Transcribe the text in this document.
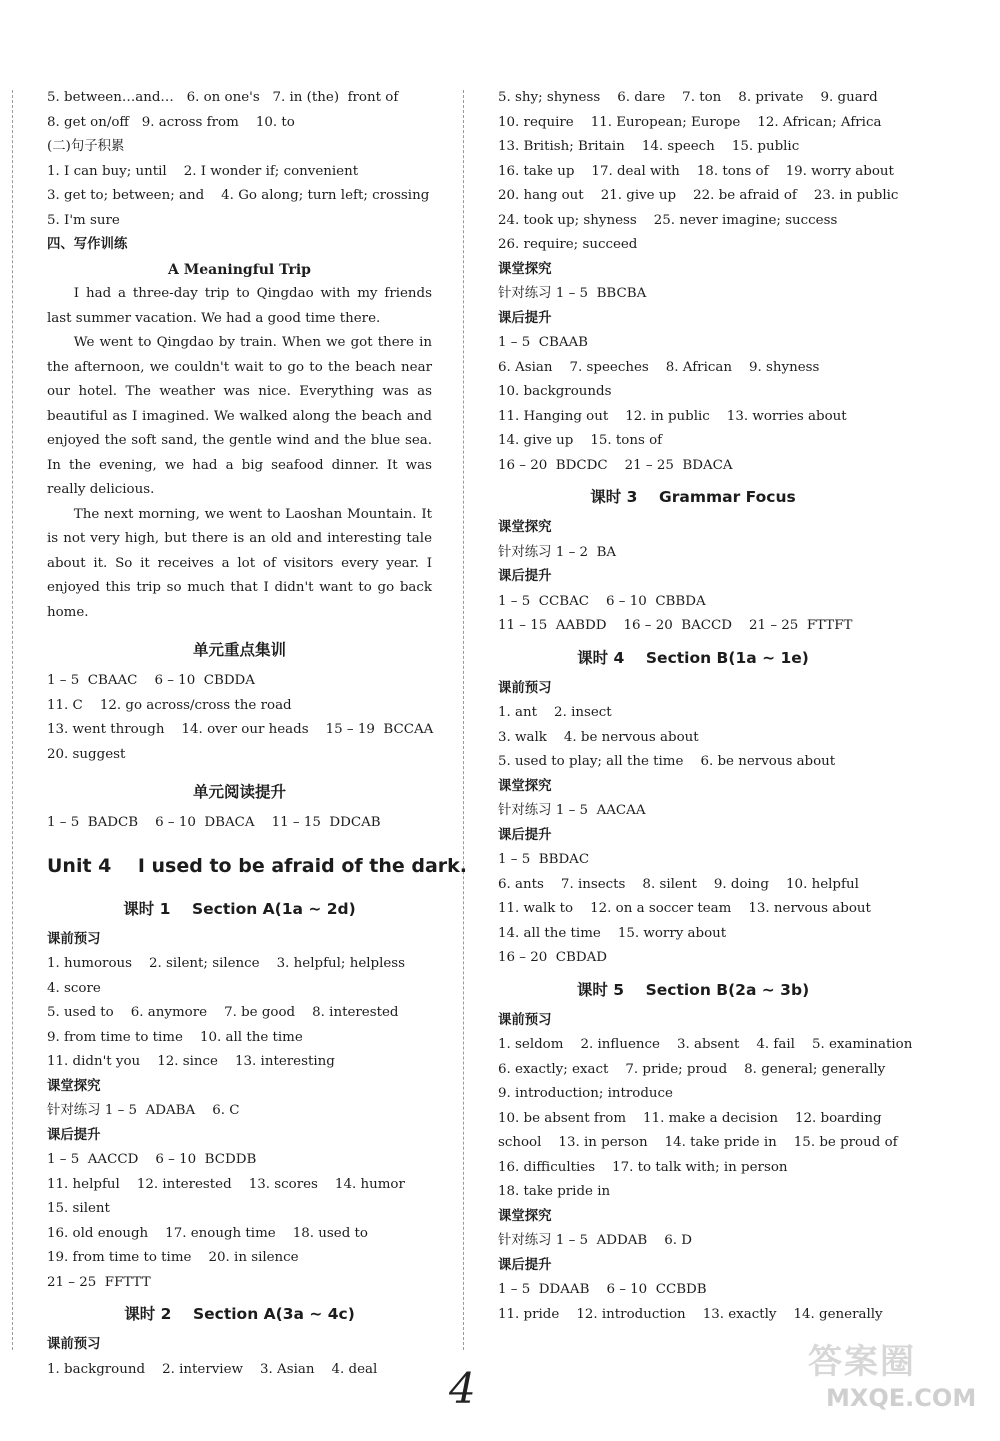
5. between…and…   6. on one's   7. in (the)  front of
8. get on/off   9. across from    10. to
(二)句子积累
1. I can buy; until    2. I wonder if; convenient
3. get to; between; and    4. Go along; turn left; crossing
5. I'm sure
四、写作训练
A Meaningful Trip

I had a three-day trip to Qingdao with my friends last summer vacation. We had a good time there.

We went to Qingdao by train. When we got there in the afternoon, we couldn't wait to go to the beach near our hotel. The weather was nice. Everything was as beautiful as I imagined. We walked along the beach and enjoyed the soft sand, the gentle wind and the blue sea. In the evening, we had a big seafood dinner. It was really delicious.

The next morning, we went to Laoshan Mountain. It is not very high, but there is an old and interesting tale about it. So it receives a lot of visitors every year. I enjoyed this trip so much that I didn't want to go back home.

单元重点集训
1 – 5  CBAAC    6 – 10  CBDDA
11. C    12. go across/cross the road
13. went through    14. over our heads    15 – 19  BCCAA
20. suggest
单元阅读提升
1 – 5  BADCB    6 – 10  DBACA    11 – 15  DDCAB
Unit 4    I used to be afraid of the dark.
课时 1    Section A(1a ~ 2d)
课前预习
1. humorous    2. silent; silence    3. helpful; helpless
4. score
5. used to    6. anymore    7. be good    8. interested
9. from time to time    10. all the time
11. didn't you    12. since    13. interesting
课堂探究
针对练习 1 – 5  ADABA    6. C
课后提升
1 – 5  AACCD    6 – 10  BCDDB
11. helpful    12. interested    13. scores    14. humor
15. silent
16. old enough    17. enough time    18. used to
19. from time to time    20. in silence
21 – 25  FFTTT
课时 2    Section A(3a ~ 4c)
课前预习
1. background    2. interview    3. Asian    4. deal
5. shy; shyness    6. dare    7. ton    8. private    9. guard
10. require    11. European; Europe    12. African; Africa
13. British; Britain    14. speech    15. public
16. take up    17. deal with    18. tons of    19. worry about
20. hang out    21. give up    22. be afraid of    23. in public
24. took up; shyness    25. never imagine; success
26. require; succeed
课堂探究
针对练习 1 – 5  BBCBA
课后提升
1 – 5  CBAAB
6. Asian    7. speeches    8. African    9. shyness
10. backgrounds
11. Hanging out    12. in public    13. worries about
14. give up    15. tons of
16 – 20  BDCDC    21 – 25  BDACA
课时 3    Grammar Focus
课堂探究
针对练习 1 – 2  BA
课后提升
1 – 5  CCBAC    6 – 10  CBBDA
11 – 15  AABDD    16 – 20  BACCD    21 – 25  FTTFT
课时 4    Section B(1a ~ 1e)
课前预习
1. ant    2. insect
3. walk    4. be nervous about
5. used to play; all the time    6. be nervous about
课堂探究
针对练习 1 – 5  AACAA
课后提升
1 – 5  BBDAC
6. ants    7. insects    8. silent    9. doing    10. helpful
11. walk to    12. on a soccer team    13. nervous about
14. all the time    15. worry about
16 – 20  CBDAD
课时 5    Section B(2a ~ 3b)
课前预习
1. seldom    2. influence    3. absent    4. fail    5. examination
6. exactly; exact    7. pride; proud    8. general; generally
9. introduction; introduce
10. be absent from    11. make a decision    12. boarding
school    13. in person    14. take pride in    15. be proud of
16. difficulties    17. to talk with; in person
18. take pride in
课堂探究
针对练习 1 – 5  ADDAB    6. D
课后提升
1 – 5  DDAAB    6 – 10  CCBDB
11. pride    12. introduction    13. exactly    14. generally
4
答案圈
MXQE.COM
